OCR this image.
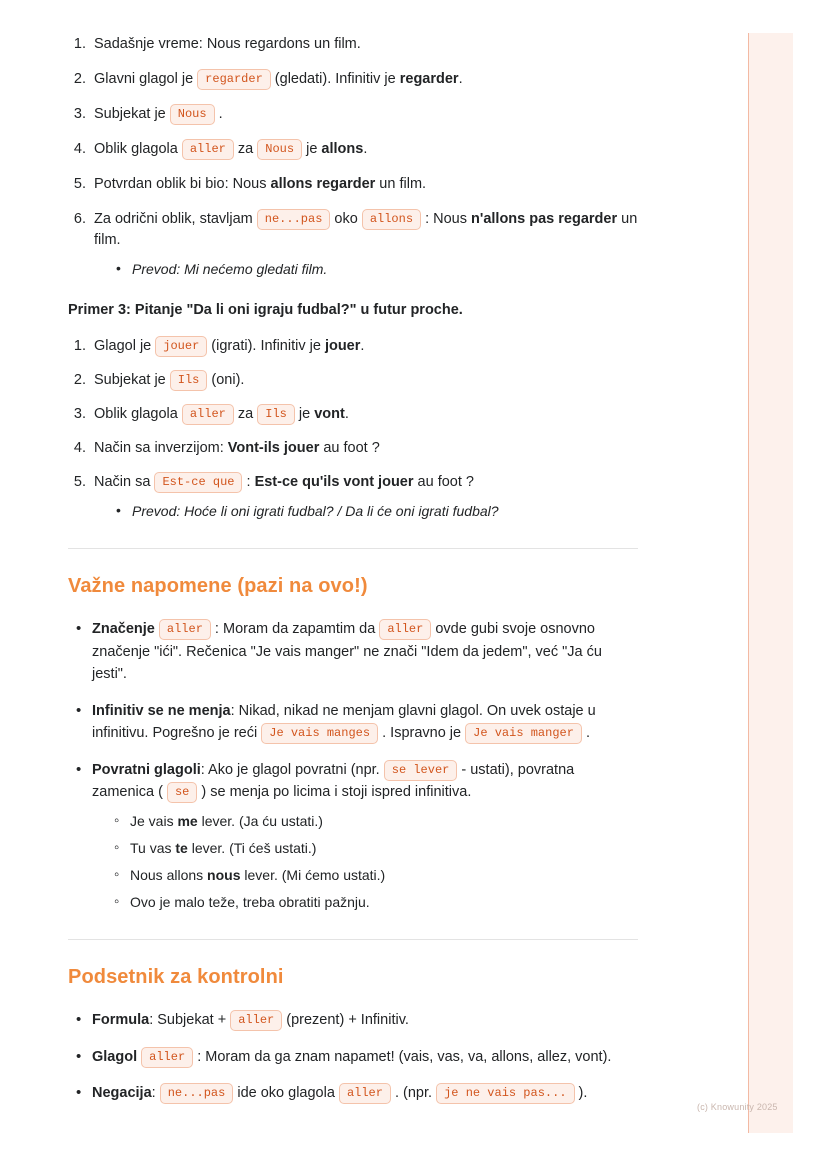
(c) Knowunity 2025
1. Sadašnje vreme: Nous regardons un film.
2. Glavni glagol je regarder (gledati). Infinitiv je regarder.
3. Subjekat je Nous .
4. Oblik glagola aller za Nous je allons.
5. Potvrdan oblik bi bio: Nous allons regarder un film.
6. Za odrični oblik, stavljam ne...pas oko allons : Nous n'allons pas regarder un film.
• Prevod: Mi nećemo gledati film.
Primer 3: Pitanje "Da li oni igraju fudbal?" u futur proche.
1. Glagol je jouer (igrati). Infinitiv je jouer.
2. Subjekat je Ils (oni).
3. Oblik glagola aller za Ils je vont.
4. Način sa inverzijom: Vont-ils jouer au foot ?
5. Način sa Est-ce que : Est-ce qu'ils vont jouer au foot ?
• Prevod: Hoće li oni igrati fudbal? / Da li će oni igrati fudbal?
Važne napomene (pazi na ovo!)
• Značenje aller : Moram da zapamtim da aller ovde gubi svoje osnovno značenje "ići". Rečenica "Je vais manger" ne znači "Idem da jedem", već "Ja ću jesti".
• Infinitiv se ne menja: Nikad, nikad ne menjam glavni glagol. On uvek ostaje u infinitivu. Pogrešno je reći Je vais manges . Ispravno je Je vais manger .
• Povratni glagoli: Ako je glagol povratni (npr. se lever - ustati), povratna zamenica ( se ) se menja po licima i stoji ispred infinitiva.
◦ Je vais me lever. (Ja ću ustati.)
◦ Tu vas te lever. (Ti ćeš ustati.)
◦ Nous allons nous lever. (Mi ćemo ustati.)
◦ Ovo je malo teže, treba obratiti pažnju.
Podsetnik za kontrolni
• Formula: Subjekat + aller (prezent) + Infinitiv.
• Glagol aller : Moram da ga znam napamet! (vais, vas, va, allons, allez, vont).
• Negacija: ne...pas ide oko glagola aller . (npr. je ne vais pas... ).
